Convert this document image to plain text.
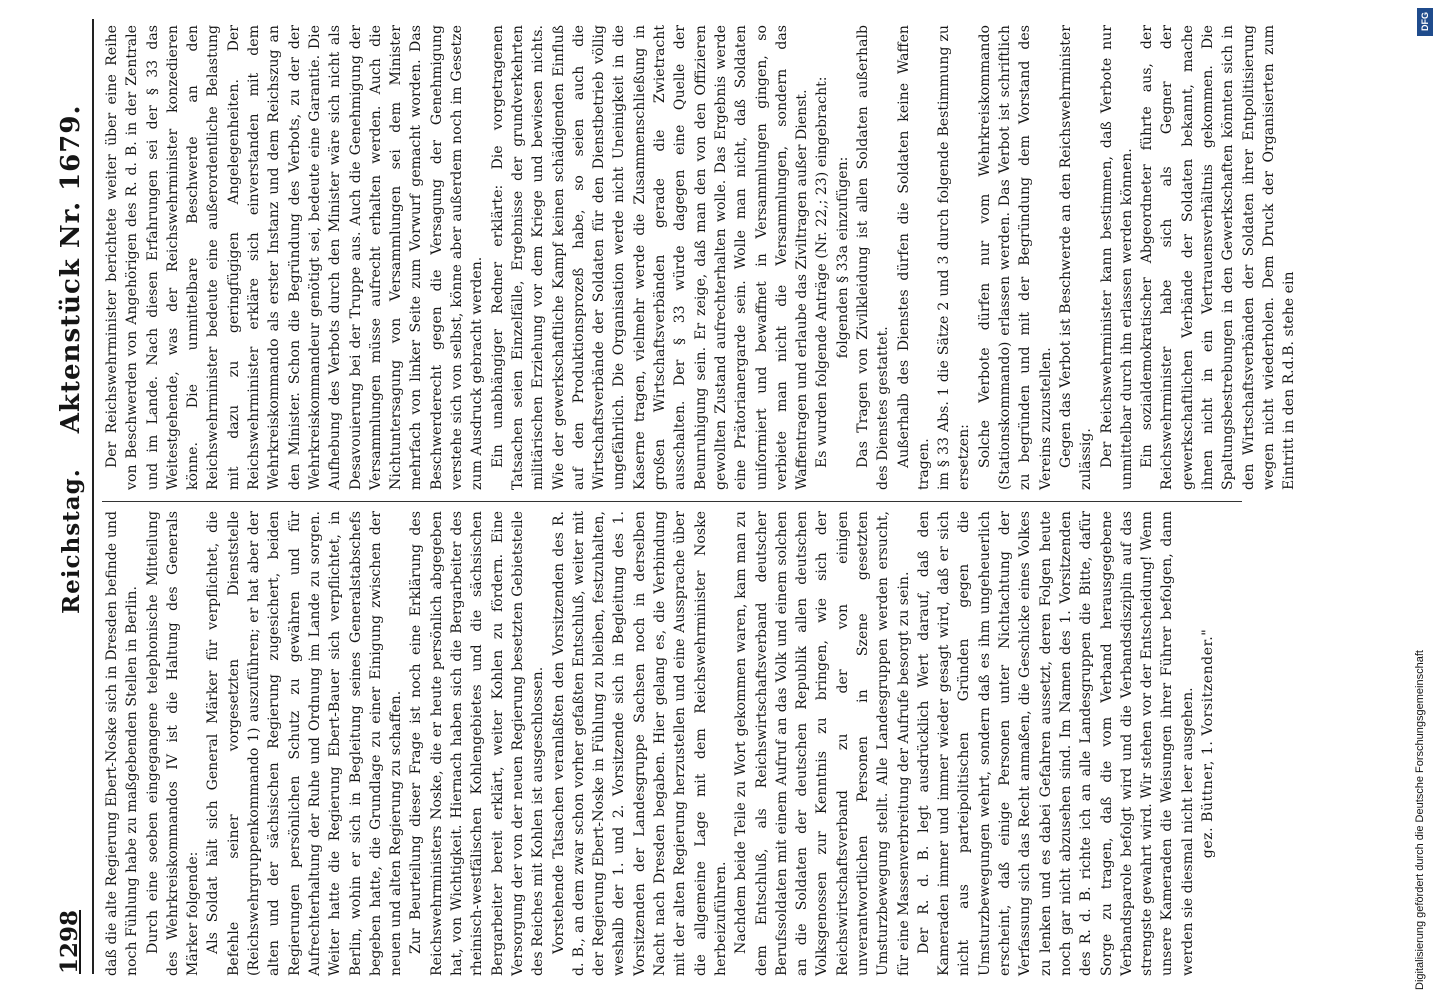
1298
Reichstag. Aktenstück Nr. 1679.

daß die alte Regierung Ebert-Noske sich in Dresden befinde und noch Fühlung habe zu maßgebenden Stellen in Berlin. Durch eine soeben eingegangene telephonische Mitteilung des Wehrkreiskommandos IV ist die Haltung des Generals Märker folgende: Als Soldat hält sich General Märker für verpflichtet, die Befehle seiner vorgesetzten Dienststelle (Reichswehrgruppenkommando 1) auszuführen; er hat aber der alten und der sächsischen Regierung zugesichert, beiden Regierungen persönlichen Schutz zu gewähren und für Aufrechterhaltung der Ruhe und Ordnung im Lande zu sorgen. Weiter hatte die Regierung Ebert-Bauer sich verpflichtet, in Berlin, wohin er sich in Begleitung seines Generalstabschefs begeben hatte, die Grundlage zu einer Einigung zwischen der neuen und alten Regierung zu schaffen. Zur Beurteilung dieser Frage ist noch eine Erklärung des Reichswehrministers Noske, die er heute persönlich abgegeben hat, von Wichtigkeit. Hiernach haben sich die Bergarbeiter des rheinisch-westfälischen Kohlengebietes und die sächsischen Bergarbeiter bereit erklärt, weiter Kohlen zu fördern. Eine Versorgung der von der neuen Regierung besetzten Gebietsteile des Reiches mit Kohlen ist ausgeschlossen. Vorstehende Tatsachen veranlaßten den Vorsitzenden des R. d. B., an dem zwar schon vorher gefaßten Entschluß, weiter mit der Regierung Ebert-Noske in Fühlung zu bleiben, festzuhalten, weshalb der 1. und 2. Vorsitzende sich in Begleitung des 1. Vorsitzenden der Landesgruppe Sachsen noch in derselben Nacht nach Dresden begaben. Hier gelang es, die Verbindung mit der alten Regierung herzustellen und eine Aussprache über die allgemeine Lage mit dem Reichswehrminister Noske herbeizuführen. Nachdem beide Teile zu Wort gekommen waren, kam man zu dem Entschluß, als Reichswirtschaftsverband deutscher Berufssoldaten mit einem Aufruf an das Volk und einem solchen an die Soldaten der deutschen Republik allen deutschen Volksgenossen zur Kenntnis zu bringen, wie sich der Reichswirtschaftsverband zu der von einigen unverantwortlichen Personen in Szene gesetzten Umsturzbewegung stellt. Alle Landesgruppen werden ersucht, für eine Massenverbreitung der Aufrufe besorgt zu sein. Der R. d. B. legt ausdrücklich Wert darauf, daß den Kameraden immer und immer wieder gesagt wird, daß er sich nicht aus parteipolitischen Gründen gegen die Umsturzbewegungen wehrt, sondern daß es ihm ungeheuerlich erscheint, daß einige Personen unter Nichtachtung der Verfassung sich das Recht anmaßen, die Geschicke eines Volkes zu lenken und es dabei Gefahren aussetzt, deren Folgen heute noch gar nicht abzusehen sind. Im Namen des 1. Vorsitzenden des R. d. B. richte ich an alle Landesgruppen die Bitte, dafür Sorge zu tragen, daß die vom Verband herausgegebene Verbandsparole befolgt wird und die Verbandsdisziplin auf das strengste gewahrt wird. Wir stehen vor der Entscheidung! Wenn unsere Kameraden die Weisungen ihrer Führer befolgen, dann werden sie diesmal nicht leer ausgehen. gez. Büttner, 1. Vorsitzender."

Der Reichswehrminister berichtete weiter über eine Reihe von Beschwerden von Angehörigen des R. d. B. in der Zentrale und im Lande. Nach diesen Erfahrungen sei der § 33 das Weitestgehende, was der Reichswehrminister konzedieren könne. Die unmittelbare Beschwerde an den Reichswehrminister bedeute eine außerordentliche Belastung mit dazu zu geringfügigen Angelegenheiten. Der Reichswehrminister erkläre sich einverstanden mit dem Wehrkreiskommando als erster Instanz und dem Reichszug an den Minister. Schon die Begründung des Verbots, zu der der Wehrkreiskommandeur genötigt sei, bedeute eine Garantie. Die Aufhebung des Verbots durch den Minister wäre sich nicht als Desavouierung bei der Truppe aus. Auch die Genehmigung der Versammlungen müsse aufrecht erhalten werden. Auch die Nichtuntersagung von Versammlungen sei dem Minister mehrfach von linker Seite zum Vorwurf gemacht worden. Das Beschwerderecht gegen die Versagung der Genehmigung verstehe sich von selbst, könne aber außerdem noch im Gesetze zum Ausdruck gebracht werden. Ein unabhängiger Redner erklärte: Die vorgetragenen Tatsachen seien Einzelfälle, Ergebnisse der grundverkehrten militärischen Erziehung vor dem Kriege und bewiesen nichts. Wie der gewerkschaftliche Kampf keinen schädigenden Einfluß auf den Produktionsprozeß habe, so seien auch die Wirtschaftsverbände der Soldaten für den Dienstbetrieb völlig ungefährlich. Die Organisation werde nicht Uneinigkeit in die Kaserne tragen, vielmehr werde die Zusammenschließung in großen Wirtschaftsverbänden gerade die Zwietracht ausschalten. Der § 33 würde dagegen eine Quelle der Beunruhigung sein. Er zeige, daß man den von den Offizieren gewollten Zustand aufrechterhalten wolle. Das Ergebnis werde eine Prätorianergarde sein. Wolle man nicht, daß Soldaten uniformiert und bewaffnet in Versammlungen gingen, so verbiete man nicht die Versammlungen, sondern das Waffentragen und erlaube das Ziviltragen außer Dienst. Es wurden folgende Anträge (Nr. 22,; 23) eingebracht: folgenden § 33a einzufügen: Das Tragen von Zivilkleidung ist allen Soldaten außerhalb des Dienstes gestattet. Außerhalb des Dienstes dürfen die Soldaten keine Waffen tragen. im § 33 Abs. 1 die Sätze 2 und 3 durch folgende Bestimmung zu ersetzen: Solche Verbote dürfen nur vom Wehrkreiskommando (Stationskommando) erlassen werden. Das Verbot ist schriftlich zu begründen und mit der Begründung dem Vorstand des Vereins zuzustellen. Gegen das Verbot ist Beschwerde an den Reichswehrminister zulässig. Der Reichswehrminister kann bestimmen, daß Verbote nur unmittelbar durch ihn erlassen werden können. Ein sozialdemokratischer Abgeordneter führte aus, der Reichswehrminister habe sich als Gegner der gewerkschaftlichen Verbände der Soldaten bekannt, mache ihnen nicht in ein Vertrauensverhältnis gekommen. Die Spaltungsbestrebungen in den Gewerkschaften könnten sich in den Wirtschaftsverbänden der Soldaten ihrer Entpolitisierung wegen nicht wiederholen. Dem Druck der Organisierten zum Eintritt in den R.d.B. stehe ein

DFG
Digitalisierung gefördert durch die Deutsche Forschungsgemeinschaft
